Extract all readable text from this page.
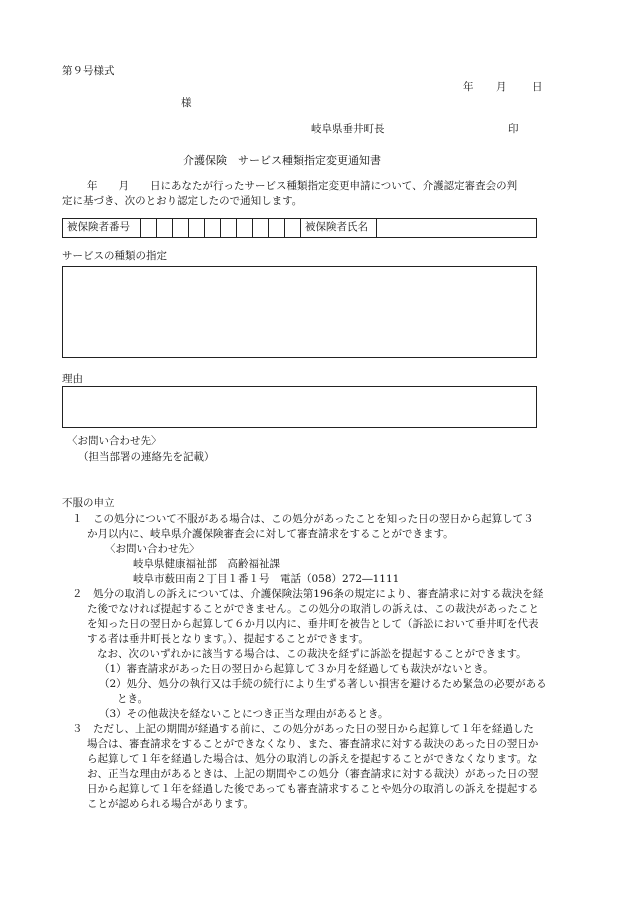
第９号様式
年 月 日
様
岐阜県垂井町長	印
介護保険　サービス種類指定変更通知書
年　　月　　日にあなたが行ったサービス種類指定変更申請について、介護認定審査会の判
定に基づき、次のとおり認定したので通知します。
被保険者番号	被保険者氏名
サービスの種類の指定
理由
〈お問い合わせ先〉
（担当部署の連絡先を記載）
不服の申立
１　この処分について不服がある場合は、この処分があったことを知った日の翌日から起算して３
か月以内に、岐阜県介護保険審査会に対して審査請求をすることができます。
〈お問い合わせ先〉
岐阜県健康福祉部　高齢福祉課
岐阜市薮田南２丁目１番１号　電話（058）272―1111
２　処分の取消しの訴えについては、介護保険法第196条の規定により、審査請求に対する裁決を経
た後でなければ提起することができません。この処分の取消しの訴えは、この裁決があったこと
を知った日の翌日から起算して６か月以内に、垂井町を被告として（訴訟において垂井町を代表
する者は垂井町長となります。）、提起することができます。
なお、次のいずれかに該当する場合は、この裁決を経ずに訴訟を提起することができます。
（1）審査請求があった日の翌日から起算して３か月を経過しても裁決がないとき。
（2）処分、処分の執行又は手続の続行により生ずる著しい損害を避けるため緊急の必要がある
とき。
（3）その他裁決を経ないことにつき正当な理由があるとき。
３　ただし、上記の期間が経過する前に、この処分があった日の翌日から起算して１年を経過した
場合は、審査請求をすることができなくなり、また、審査請求に対する裁決のあった日の翌日か
ら起算して１年を経過した場合は、処分の取消しの訴えを提起することができなくなります。な
お、正当な理由があるときは、上記の期間やこの処分（審査請求に対する裁決）があった日の翌
日から起算して１年を経過した後であっても審査請求することや処分の取消しの訴えを提起する
ことが認められる場合があります。
